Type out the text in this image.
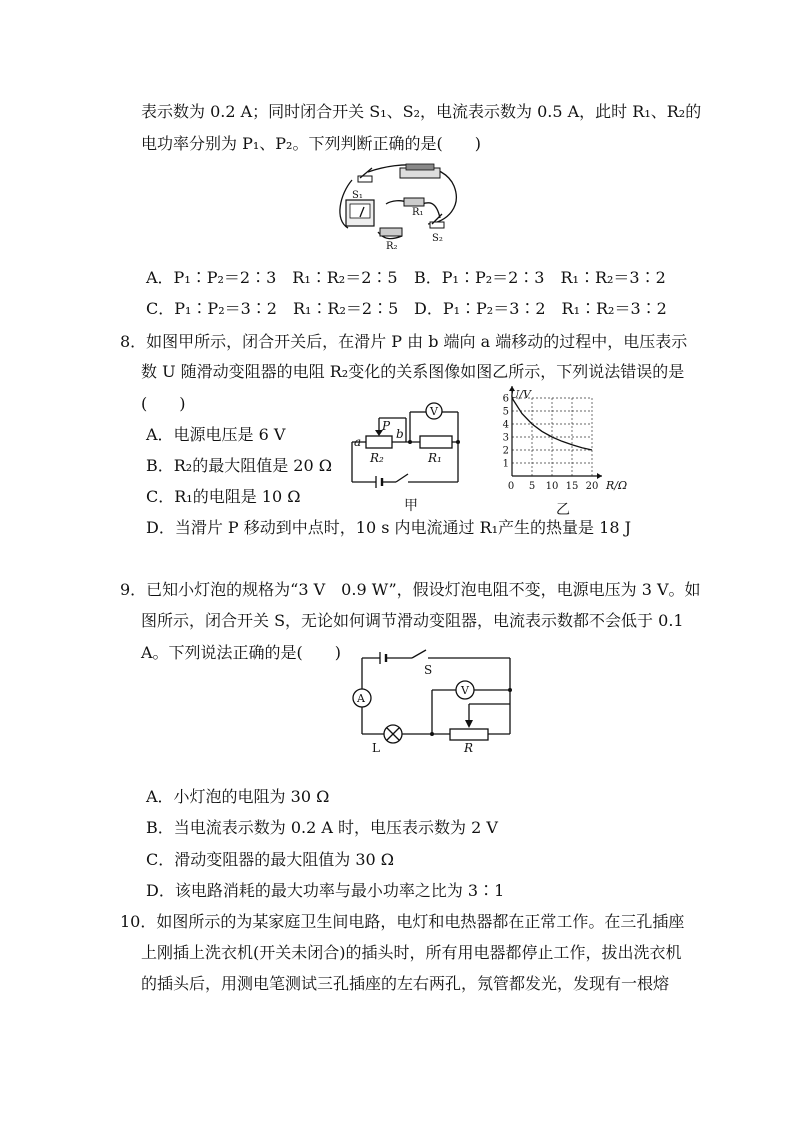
表示数为 0.2 A；同时闭合开关 S₁、S₂，电流表示数为 0.5 A，此时 R₁、R₂的
电功率分别为 P₁、P₂。下列判断正确的是(　　)
S₁
R₁
R₂
S₂
A．P₁∶P₂＝2∶3　R₁∶R₂＝2∶5 B．P₁∶P₂＝2∶3　R₁∶R₂＝3∶2
C．P₁∶P₂＝3∶2　R₁∶R₂＝2∶5 D．P₁∶P₂＝3∶2　R₁∶R₂＝3∶2
8．如图甲所示，闭合开关后，在滑片 P 由 b 端向 a 端移动的过程中，电压表示
数 U 随滑动变阻器的电阻 R₂变化的关系图像如图乙所示，下列说法错误的是
(　　)
A．电源电压是 6 V
B．R₂的最大阻值是 20 Ω
C．R₁的电阻是 10 Ω
D．当滑片 P 移动到中点时，10 s 内电流通过 R₁产生的热量是 18 J
V
P
a
b
R₂	R₁
甲
0 5 10 15 20
1
2
3
4
5
6 U/V
R/Ω
乙
9．已知小灯泡的规格为“3 V　0.9 W”，假设灯泡电阻不变，电源电压为 3 V。如
图所示，闭合开关 S，无论如何调节滑动变阻器，电流表示数都不会低于 0.1
A。下列说法正确的是(　　)
A
V
S
L	R
A．小灯泡的电阻为 30 Ω
B．当电流表示数为 0.2 A 时，电压表示数为 2 V
C．滑动变阻器的最大阻值为 30 Ω
D．该电路消耗的最大功率与最小功率之比为 3∶1
10．如图所示的为某家庭卫生间电路，电灯和电热器都在正常工作。在三孔插座
上刚插上洗衣机(开关未闭合)的插头时，所有用电器都停止工作，拔出洗衣机
的插头后，用测电笔测试三孔插座的左右两孔，氖管都发光，发现有一根熔
